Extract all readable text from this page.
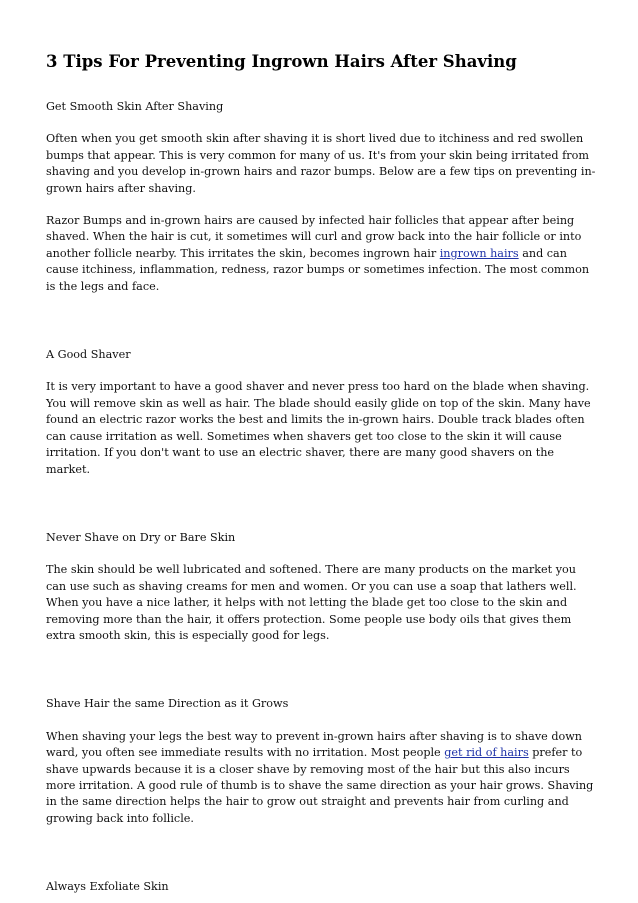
3 Tips For Preventing Ingrown Hairs After Shaving

Get Smooth Skin After Shaving

Often when you get smooth skin after shaving it is short lived due to itchiness and red swollen bumps that appear. This is very common for many of us. It's from your skin being irritated from shaving and you develop in-grown hairs and razor bumps. Below are a few tips on preventing in-grown hairs after shaving.

Razor Bumps and in-grown hairs are caused by infected hair follicles that appear after being shaved. When the hair is cut, it sometimes will curl and grow back into the hair follicle or into another follicle nearby. This irritates the skin, becomes ingrown hair ingrown hairs and can cause itchiness, inflammation, redness, razor bumps or sometimes infection. The most common is the legs and face.

A Good Shaver

It is very important to have a good shaver and never press too hard on the blade when shaving. You will remove skin as well as hair. The blade should easily glide on top of the skin. Many have found an electric razor works the best and limits the in-grown hairs. Double track blades often can cause irritation as well. Sometimes when shavers get too close to the skin it will cause irritation. If you don't want to use an electric shaver, there are many good shavers on the market.

Never Shave on Dry or Bare Skin

The skin should be well lubricated and softened. There are many products on the market you can use such as shaving creams for men and women. Or you can use a soap that lathers well. When you have a nice lather, it helps with not letting the blade get too close to the skin and removing more than the hair, it offers protection. Some people use body oils that gives them extra smooth skin, this is especially good for legs.

Shave Hair the same Direction as it Grows

When shaving your legs the best way to prevent in-grown hairs after shaving is to shave down ward, you often see immediate results with no irritation. Most people get rid of hairs prefer to shave upwards because it is a closer shave by removing most of the hair but this also incurs more irritation. A good rule of thumb is to shave the same direction as your hair grows. Shaving in the same direction helps the hair to grow out straight and prevents hair from curling and growing back into follicle.

Always Exfoliate Skin
